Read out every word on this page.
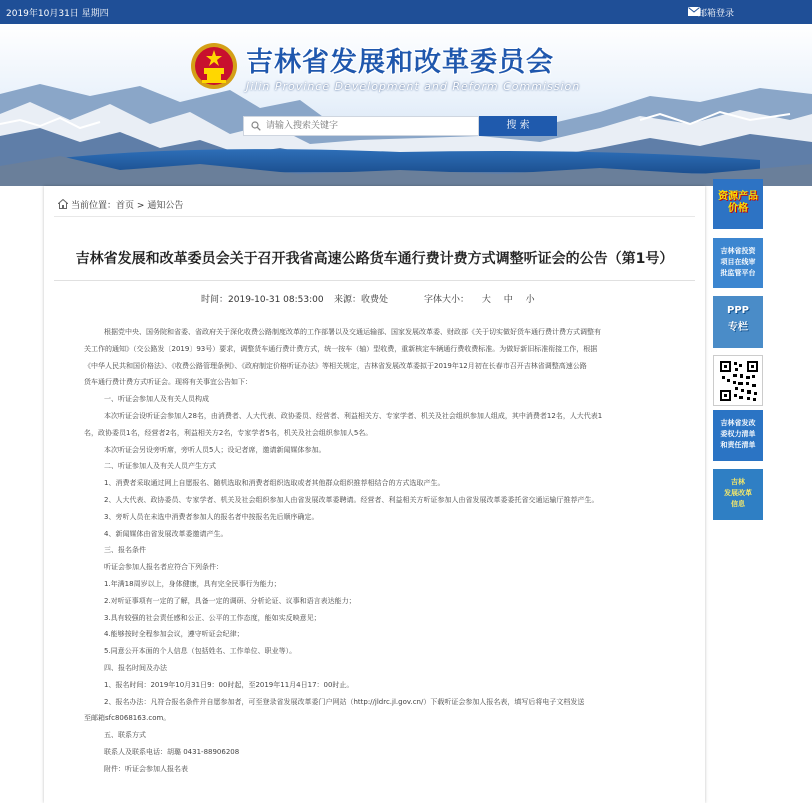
2019年10月31日 星期四	邮箱登录
吉林省发展和改革委员会
Jilin Province Development and Reform Commission
请输入搜索关键字
搜 索
当前位置：首页 > 通知公告
吉林省发展和改革委员会关于召开我省高速公路货车通行费计费方式调整听证会的公告（第1号）
时间：2019-10-31 08:53:00 来源：收费处	字体大小： 大 中 小

根据党中央、国务院和省委、省政府关于深化收费公路制度改革的工作部署以及交通运输部、国家发展改革委、财政部《关于切实做好货车通行费计费方式调整有

关工作的通知》（交公路发〔2019〕93号）要求，调整货车通行费计费方式，统一按车（轴）型收费，重新核定车辆通行费收费标准。为做好新旧标准衔接工作，根据

《中华人民共和国价格法》、《收费公路管理条例》、《政府制定价格听证办法》等相关规定，吉林省发展改革委拟于2019年12月初在长春市召开吉林省调整高速公路

货车通行费计费方式听证会。现将有关事宜公告如下：

一、听证会参加人及有关人员构成

本次听证会设听证会参加人28名，由消费者、人大代表、政协委员、经营者、利益相关方、专家学者、机关及社会组织参加人组成，其中消费者12名，人大代表1

名，政协委员1名，经营者2名，利益相关方2名，专家学者5名，机关及社会组织参加人5名。

本次听证会另设旁听席，旁听人员5人；设记者席，邀请新闻媒体参加。

二、听证参加人及有关人员产生方式

1、消费者采取通过网上自愿报名、随机选取和消费者组织选取或者其他群众组织推荐相结合的方式选取产生。

2、人大代表、政协委员、专家学者、机关及社会组织参加人由省发展改革委聘请。经营者、利益相关方听证参加人由省发展改革委委托省交通运输厅推荐产生。

3、旁听人员在未选中消费者参加人的报名者中按报名先后顺序确定。

4、新闻媒体由省发展改革委邀请产生。

三、报名条件

听证会参加人报名者应符合下列条件：

1.年满18周岁以上，身体健康，具有完全民事行为能力；

2.对听证事项有一定的了解，具备一定的调研、分析论证、议事和语言表达能力；

3.具有较强的社会责任感和公正、公平的工作态度，能如实反映意见；

4.能够按时全程参加会议，遵守听证会纪律；

5.同意公开本面的个人信息（包括姓名、工作单位、职业等）。

四、报名时间及办法

1、报名时间：2019年10月31日9：00时起，至2019年11月4日17：00时止。

2、报名办法：凡符合报名条件并自愿参加者，可至登录省发展改革委门户网站（http://jldrc.jl.gov.cn/）下载听证会参加人报名表，填写后将电子文档发送

至邮箱sfc8068163.com。

五、联系方式

联系人及联系电话：胡璐 0431-88906208

附件：听证会参加人报名表

资源产品
价格
吉林省投资
项目在线审
批监管平台
PPP
专栏
吉林省发改
委权力清单
和责任清单
吉林
发展改革
信息
